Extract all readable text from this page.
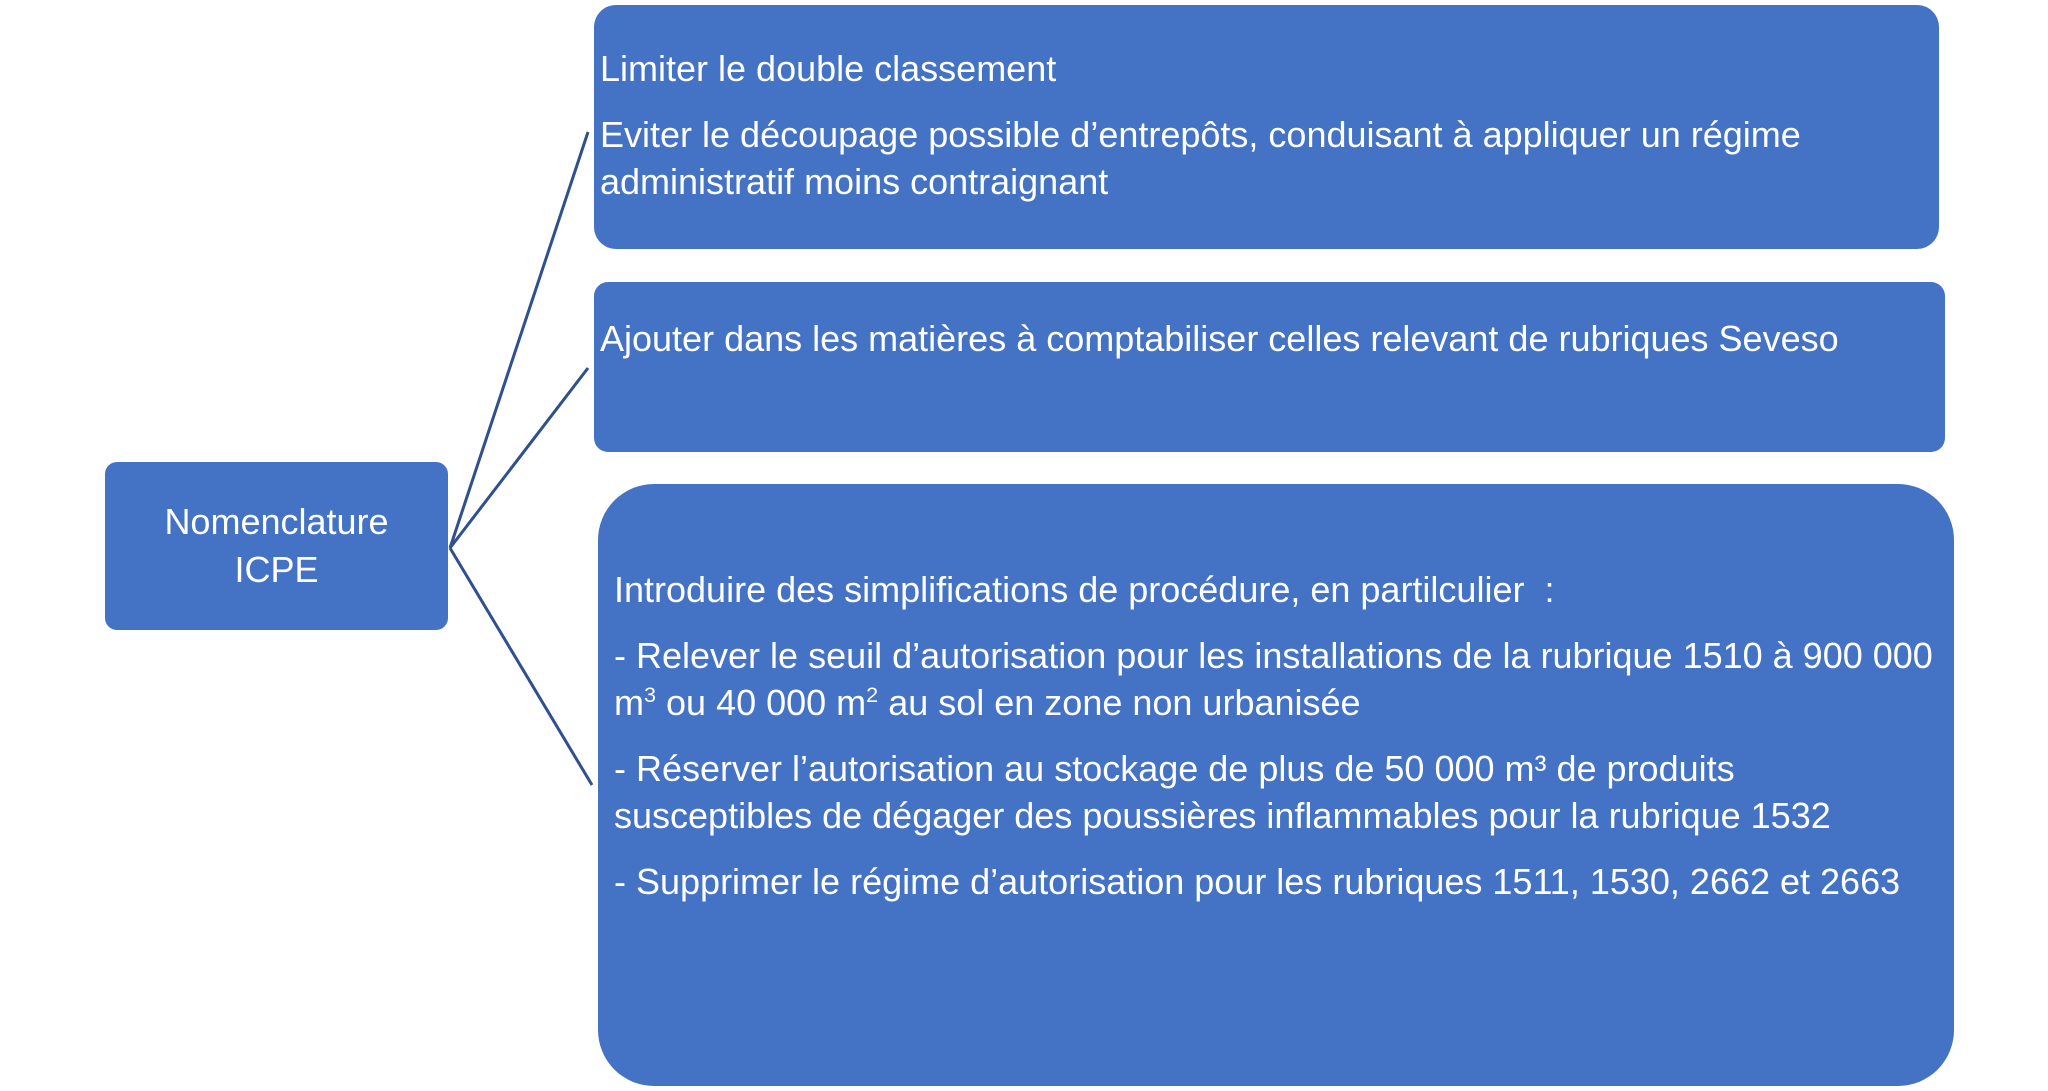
Nomenclature
ICPE

Limiter le double classement

Eviter le découpage possible d’entrepôts, conduisant à appliquer un régime administratif moins contraignant

Ajouter dans les matières à comptabiliser celles relevant de rubriques Seveso

Introduire des simplifications de procédure, en partilculier  :

- Relever le seuil d’autorisation pour les installations de la rubrique 1510 à 900 000 $m^3$ ou 40 000 $m^2$ au sol en zone non urbanisée

- Réserver l’autorisation au stockage de plus de 50 000 m³ de produits susceptibles de dégager des poussières inflammables pour la rubrique 1532

- Supprimer le régime d’autorisation pour les rubriques 1511, 1530, 2662 et 2663
